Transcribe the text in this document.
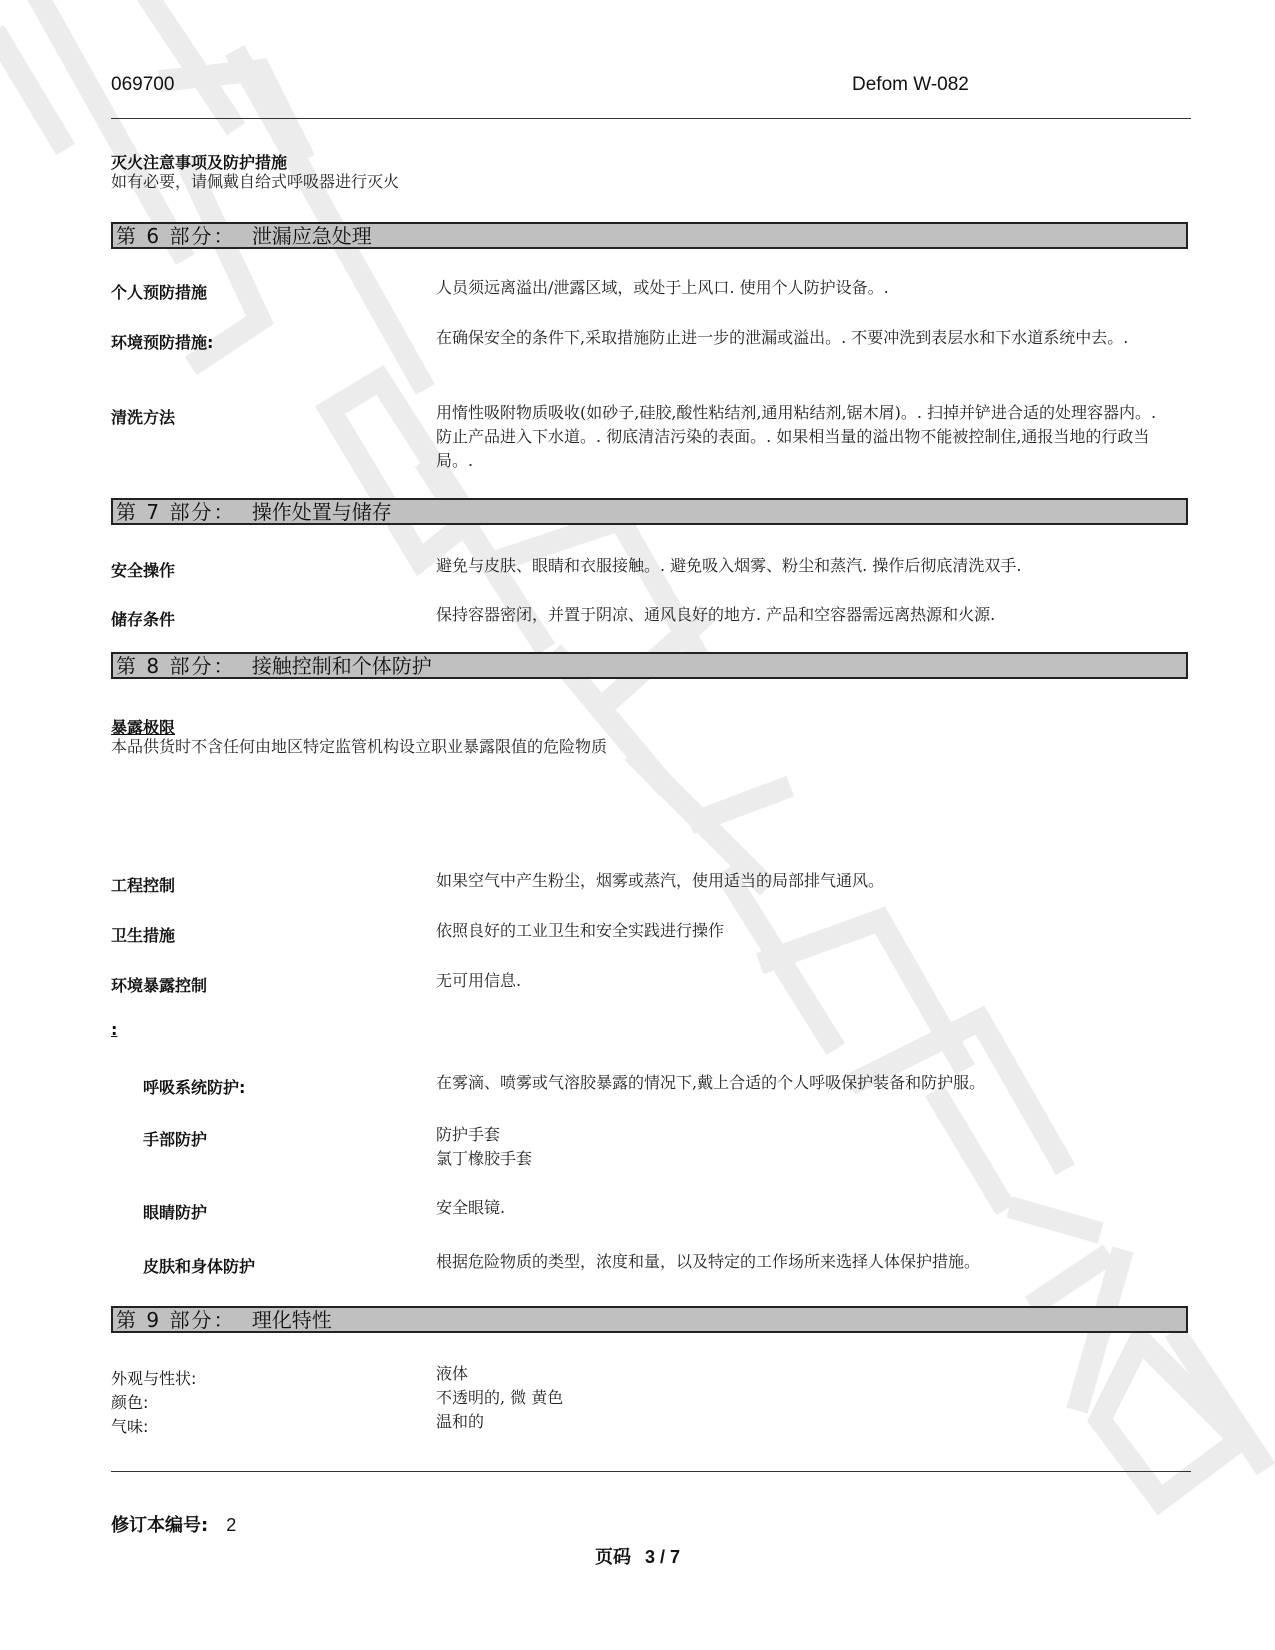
069700	Defom W-082
灭火注意事项及防护措施
如有必要，请佩戴自给式呼吸器进行灭火
第 6 部分： 泄漏应急处理
个人预防措施	人员须远离溢出/泄露区域，或处于上风口. 使用个人防护设备。.
环境预防措施:	在确保安全的条件下,采取措施防止进一步的泄漏或溢出。. 不要冲洗到表层水和下水道系统中去。.
清洗方法	用惰性吸附物质吸收(如砂子,硅胶,酸性粘结剂,通用粘结剂,锯木屑)。. 扫掉并铲进合适的处理容器内。. 防止产品进入下水道。. 彻底清洁污染的表面。. 如果相当量的溢出物不能被控制住,通报当地的行政当局。.
第 7 部分： 操作处置与储存
安全操作	避免与皮肤、眼睛和衣服接触。. 避免吸入烟雾、粉尘和蒸汽. 操作后彻底清洗双手.
储存条件	保持容器密闭，并置于阴凉、通风良好的地方. 产品和空容器需远离热源和火源.
第 8 部分： 接触控制和个体防护
暴露极限
本品供货时不含任何由地区特定监管机构设立职业暴露限值的危险物质
工程控制	如果空气中产生粉尘，烟雾或蒸汽，使用适当的局部排气通风。
卫生措施	依照良好的工业卫生和安全实践进行操作
环境暴露控制	无可用信息.
:
呼吸系统防护:	在雾滴、喷雾或气溶胶暴露的情况下,戴上合适的个人呼吸保护装备和防护服。
手部防护	防护手套
氯丁橡胶手套
眼睛防护	安全眼镜.
皮肤和身体防护	根据危险物质的类型，浓度和量，以及特定的工作场所来选择人体保护措施。
第 9 部分： 理化特性
外观与性状:	液体
颜色:	不透明的, 微 黄色
气味:	温和的
修订本编号: 2
页码 3 / 7
